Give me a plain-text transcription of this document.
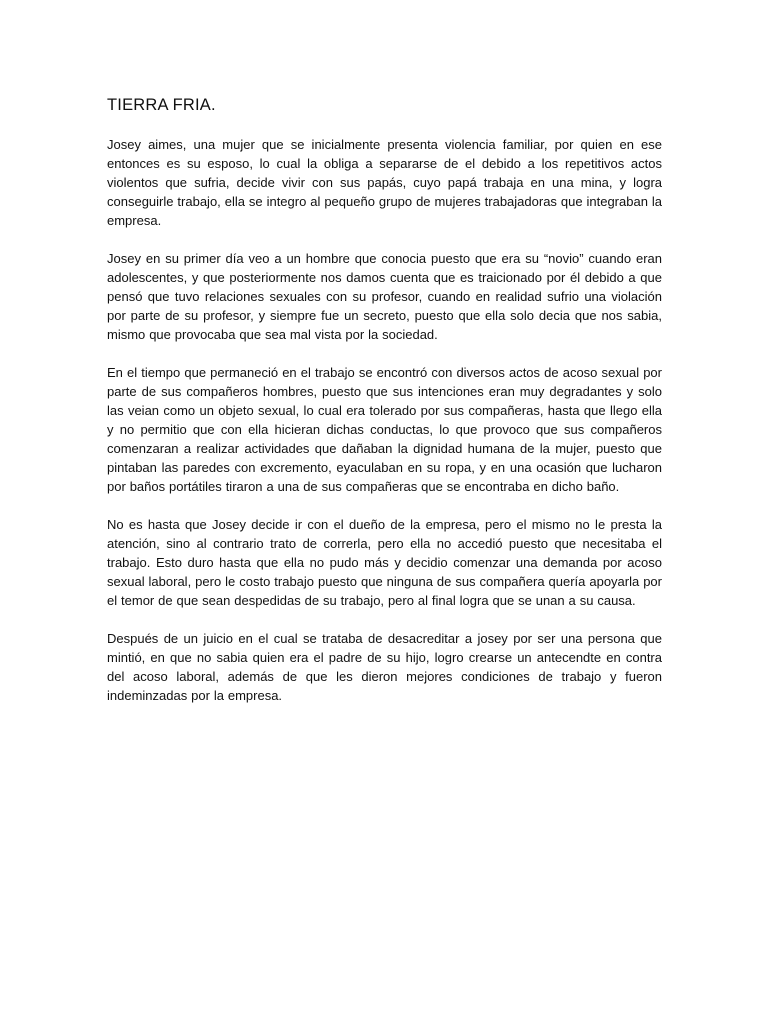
TIERRA FRIA.

Josey aimes, una mujer que se inicialmente presenta violencia familiar, por quien en ese entonces es su esposo, lo cual la obliga a separarse de el debido a los repetitivos actos violentos que sufria, decide vivir con sus papás, cuyo papá trabaja en una mina, y logra conseguirle trabajo, ella se integro al pequeño grupo de mujeres trabajadoras que integraban la empresa.

Josey en su primer día veo a un hombre que conocia puesto que era su “novio” cuando eran adolescentes, y que posteriormente nos damos cuenta que es traicionado por él debido a que pensó que tuvo relaciones sexuales con su profesor, cuando en realidad sufrio una violación por parte de su profesor, y siempre fue un secreto, puesto que ella solo decia que nos sabia, mismo que provocaba que sea mal vista por la sociedad.

En el tiempo que permaneció en el trabajo se encontró con diversos actos de acoso sexual por parte de sus compañeros hombres, puesto que sus intenciones eran muy degradantes y solo las veian como un objeto sexual, lo cual era tolerado por sus compañeras, hasta que llego ella y no permitio que con ella hicieran dichas conductas, lo que provoco que sus compañeros comenzaran a realizar actividades que dañaban la dignidad humana de la mujer, puesto que pintaban las paredes con excremento, eyaculaban en su ropa, y en una ocasión que lucharon por baños portátiles tiraron a una de sus compañeras que se encontraba en dicho baño.

No es hasta que Josey decide ir con el dueño de la empresa, pero el mismo no le presta la atención, sino al contrario trato de correrla, pero ella no accedió puesto que necesitaba el trabajo. Esto duro hasta que ella no pudo más y decidio comenzar una demanda por acoso sexual laboral, pero le costo trabajo puesto que ninguna de sus compañera quería apoyarla por el temor de que sean despedidas de su trabajo, pero al final logra que se unan a su causa.

Después de un juicio en el cual se trataba de desacreditar a josey por ser una persona que mintió, en que no sabia quien era el padre de su hijo, logro crearse un antecendte en contra del acoso laboral, además de que les dieron mejores condiciones de trabajo y fueron indeminzadas por la empresa.
